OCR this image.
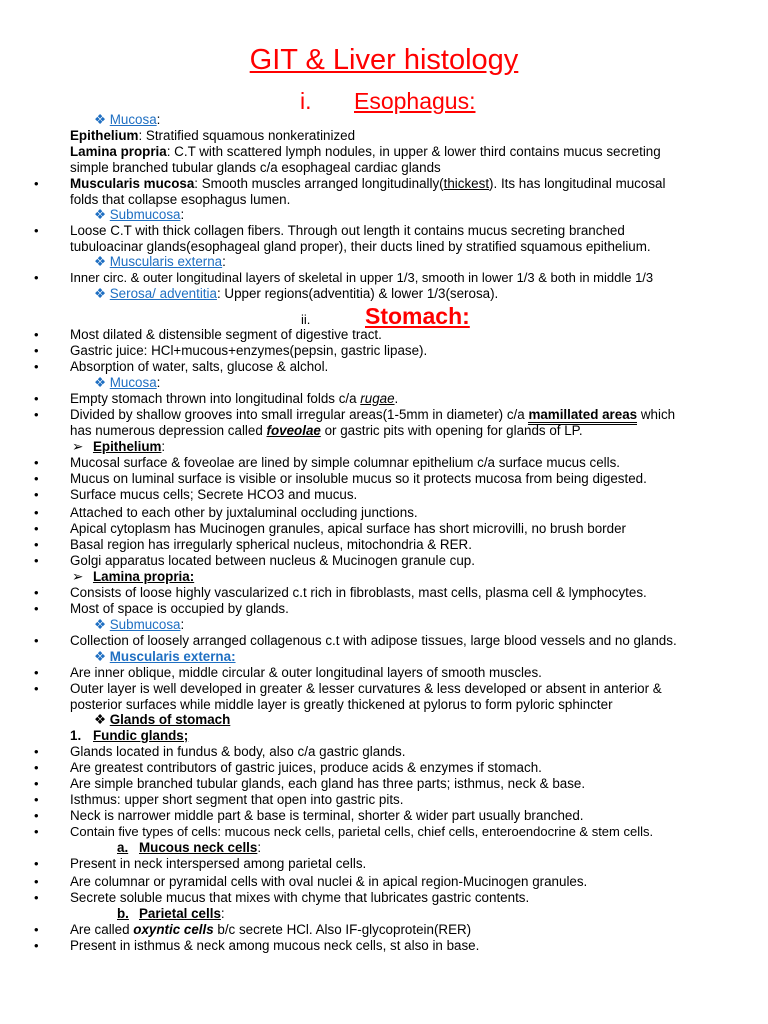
GIT & Liver histology
i. Esophagus:
❖ Mucosa:
Epithelium: Stratified squamous nonkeratinized
Lamina propria: C.T with scattered lymph nodules, in upper & lower third contains mucus secreting
simple branched tubular glands c/a esophageal cardiac glands
• Muscularis mucosa: Smooth muscles arranged longitudinally(thickest). Its has longitudinal mucosal
folds that collapse esophagus lumen.
❖ Submucosa:
• Loose C.T with thick collagen fibers. Through out length it contains mucus secreting branched
tubuloacinar glands(esophageal gland proper), their ducts lined by stratified squamous epithelium.
❖ Muscularis externa:
• Inner circ. & outer longitudinal layers of skeletal in upper 1/3, smooth in lower 1/3 & both in middle 1/3
❖ Serosa/ adventitia: Upper regions(adventitia) & lower 1/3(serosa).
ii. Stomach:
• Most dilated & distensible segment of digestive tract.
• Gastric juice: HCl+mucous+enzymes(pepsin, gastric lipase).
• Absorption of water, salts, glucose & alchol.
❖ Mucosa:
• Empty stomach thrown into longitudinal folds c/a rugae.
• Divided by shallow grooves into small irregular areas(1-5mm in diameter) c/a mamillated areas which
has numerous depression called foveolae or gastric pits with opening for glands of LP.
➢ Epithelium:
• Mucosal surface & foveolae are lined by simple columnar epithelium c/a surface mucus cells.
• Mucus on luminal surface is visible or insoluble mucus so it protects mucosa from being digested.
• Surface mucus cells; Secrete HCO3 and mucus.
• Attached to each other by juxtaluminal occluding junctions.
• Apical cytoplasm has Mucinogen granules, apical surface has short microvilli, no brush border
• Basal region has irregularly spherical nucleus, mitochondria & RER.
• Golgi apparatus located between nucleus & Mucinogen granule cup.
➢ Lamina propria:
• Consists of loose highly vascularized c.t rich in fibroblasts, mast cells, plasma cell & lymphocytes.
• Most of space is occupied by glands.
❖ Submucosa:
• Collection of loosely arranged collagenous c.t with adipose tissues, large blood vessels and no glands.
❖ Muscularis externa:
• Are inner oblique, middle circular & outer longitudinal layers of smooth muscles.
• Outer layer is well developed in greater & lesser curvatures & less developed or absent in anterior &
posterior surfaces while middle layer is greatly thickened at pylorus to form pyloric sphincter
❖ Glands of stomach
1. Fundic glands;
• Glands located in fundus & body, also c/a gastric glands.
• Are greatest contributors of gastric juices, produce acids & enzymes if stomach.
• Are simple branched tubular glands, each gland has three parts; isthmus, neck & base.
• Isthmus: upper short segment that open into gastric pits.
• Neck is narrower middle part & base is terminal, shorter & wider part usually branched.
• Contain five types of cells: mucous neck cells, parietal cells, chief cells, enteroendocrine & stem cells.
a. Mucous neck cells:
• Present in neck interspersed among parietal cells.
• Are columnar or pyramidal cells with oval nuclei & in apical region-Mucinogen granules.
• Secrete soluble mucus that mixes with chyme that lubricates gastric contents.
b. Parietal cells:
• Are called oxyntic cells b/c secrete HCl. Also IF-glycoprotein(RER)
• Present in isthmus & neck among mucous neck cells, st also in base.
